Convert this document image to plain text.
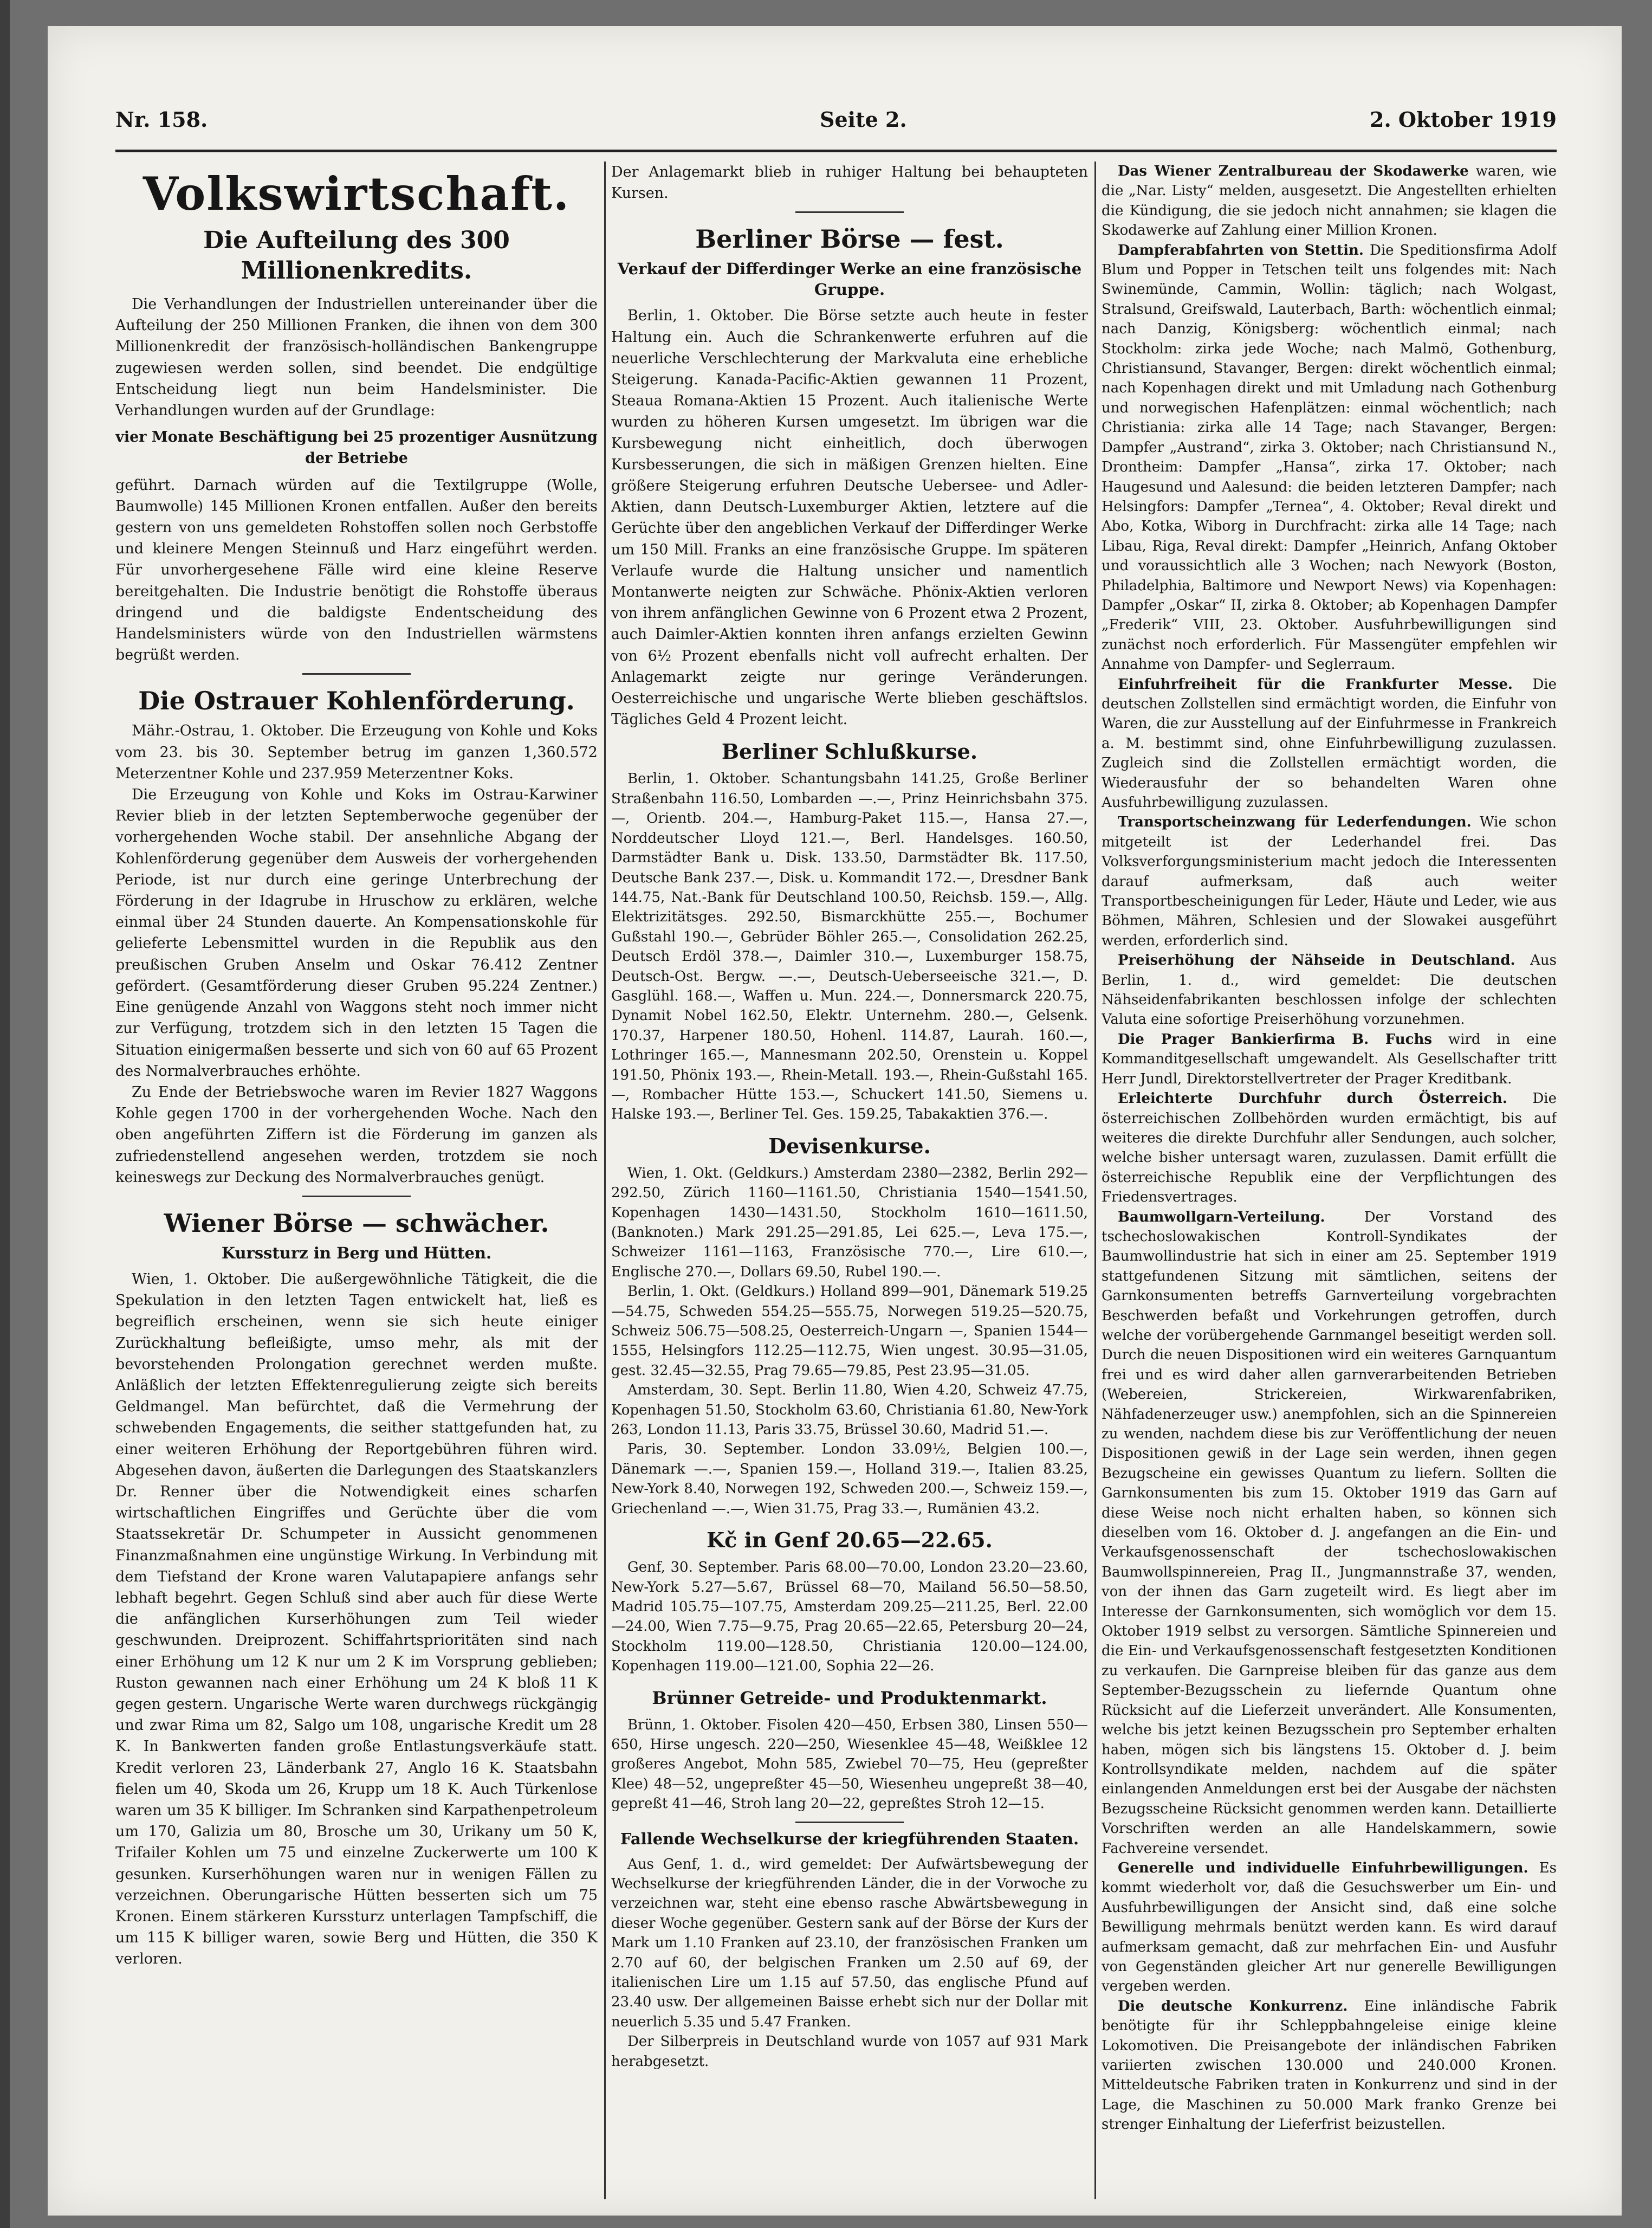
Nr. 158.	Seite 2.	2. Oktober 1919
Volkswirtschaft.
Die Aufteilung des 300 Millionenkredits.

Die Verhandlungen der Industriellen untereinander über die Aufteilung der 250 Millionen Franken, die ihnen von dem 300 Millionenkredit der französisch-holländischen Bankengruppe zugewiesen werden sollen, sind beendet. Die endgültige Entscheidung liegt nun beim Handelsminister. Die Verhandlungen wurden auf der Grundlage:

vier Monate Beschäftigung bei 25 prozentiger Ausnützung der Betriebe

geführt. Darnach würden auf die Textilgruppe (Wolle, Baumwolle) 145 Millionen Kronen entfallen. Außer den bereits gestern von uns gemeldeten Rohstoffen sollen noch Gerbstoffe und kleinere Mengen Steinnuß und Harz eingeführt werden. Für unvorhergesehene Fälle wird eine kleine Reserve bereitgehalten. Die Industrie benötigt die Rohstoffe überaus dringend und die baldigste Endentscheidung des Handelsministers würde von den Industriellen wärmstens begrüßt werden.

Die Ostrauer Kohlenförderung.

Mähr.-Ostrau, 1. Oktober. Die Erzeugung von Kohle und Koks vom 23. bis 30. September betrug im ganzen 1,360.572 Meterzentner Kohle und 237.959 Meterzentner Koks.

Die Erzeugung von Kohle und Koks im Ostrau-Karwiner Revier blieb in der letzten Septemberwoche gegenüber der vorhergehenden Woche stabil. Der ansehnliche Abgang der Kohlenförderung gegenüber dem Ausweis der vorhergehenden Periode, ist nur durch eine geringe Unterbrechung der Förderung in der Idagrube in Hruschow zu erklären, welche einmal über 24 Stunden dauerte. An Kompensationskohle für gelieferte Lebensmittel wurden in die Republik aus den preußischen Gruben Anselm und Oskar 76.412 Zentner gefördert. (Gesamtförderung dieser Gruben 95.224 Zentner.) Eine genügende Anzahl von Waggons steht noch immer nicht zur Verfügung, trotzdem sich in den letzten 15 Tagen die Situation einigermaßen besserte und sich von 60 auf 65 Prozent des Normalverbrauches erhöhte.

Zu Ende der Betriebswoche waren im Revier 1827 Waggons Kohle gegen 1700 in der vorhergehenden Woche. Nach den oben angeführten Ziffern ist die Förderung im ganzen als zufriedenstellend angesehen werden, trotzdem sie noch keineswegs zur Deckung des Normalverbrauches genügt.

Wiener Börse — schwächer.
Kurssturz in Berg und Hütten.

Wien, 1. Oktober. Die außergewöhnliche Tätigkeit, die die Spekulation in den letzten Tagen entwickelt hat, ließ es begreiflich erscheinen, wenn sie sich heute einiger Zurückhaltung befleißigte, umso mehr, als mit der bevorstehenden Prolongation gerechnet werden mußte. Anläßlich der letzten Effektenregulierung zeigte sich bereits Geldmangel. Man befürchtet, daß die Vermehrung der schwebenden Engagements, die seither stattgefunden hat, zu einer weiteren Erhöhung der Reportgebühren führen wird. Abgesehen davon, äußerten die Darlegungen des Staatskanzlers Dr. Renner über die Notwendigkeit eines scharfen wirtschaftlichen Eingriffes und Gerüchte über die vom Staatssekretär Dr. Schumpeter in Aussicht genommenen Finanzmaßnahmen eine ungünstige Wirkung. In Verbindung mit dem Tiefstand der Krone waren Valutapapiere anfangs sehr lebhaft begehrt. Gegen Schluß sind aber auch für diese Werte die anfänglichen Kurserhöhungen zum Teil wieder geschwunden. Dreiprozent. Schiffahrtsprioritäten sind nach einer Erhöhung um 12 K nur um 2 K im Vorsprung geblieben; Ruston gewannen nach einer Erhöhung um 24 K bloß 11 K gegen gestern. Ungarische Werte waren durchwegs rückgängig und zwar Rima um 82, Salgo um 108, ungarische Kredit um 28 K. In Bankwerten fanden große Entlastungsverkäufe statt. Kredit verloren 23, Länderbank 27, Anglo 16 K. Staatsbahn fielen um 40, Skoda um 26, Krupp um 18 K. Auch Türkenlose waren um 35 K billiger. Im Schranken sind Karpathenpetroleum um 170, Galizia um 80, Brosche um 30, Urikany um 50 K, Trifailer Kohlen um 75 und einzelne Zuckerwerte um 100 K gesunken. Kurserhöhungen waren nur in wenigen Fällen zu verzeichnen. Oberungarische Hütten besserten sich um 75 Kronen. Einem stärkeren Kurssturz unterlagen Tampfschiff, die um 115 K billiger waren, sowie Berg und Hütten, die 350 K verloren.

Der Anlagemarkt blieb in ruhiger Haltung bei behaupteten Kursen.

Berliner Börse — fest.
Verkauf der Differdinger Werke an eine französische Gruppe.

Berlin, 1. Oktober. Die Börse setzte auch heute in fester Haltung ein. Auch die Schrankenwerte erfuhren auf die neuerliche Verschlechterung der Markvaluta eine erhebliche Steigerung. Kanada-Pacific-Aktien gewannen 11 Prozent, Steaua Romana-Aktien 15 Prozent. Auch italienische Werte wurden zu höheren Kursen umgesetzt. Im übrigen war die Kursbewegung nicht einheitlich, doch überwogen Kursbesserungen, die sich in mäßigen Grenzen hielten. Eine größere Steigerung erfuhren Deutsche Uebersee- und Adler-Aktien, dann Deutsch-Luxemburger Aktien, letztere auf die Gerüchte über den angeblichen Verkauf der Differdinger Werke um 150 Mill. Franks an eine französische Gruppe. Im späteren Verlaufe wurde die Haltung unsicher und namentlich Montanwerte neigten zur Schwäche. Phönix-Aktien verloren von ihrem anfänglichen Gewinne von 6 Prozent etwa 2 Prozent, auch Daimler-Aktien konnten ihren anfangs erzielten Gewinn von 6½ Prozent ebenfalls nicht voll aufrecht erhalten. Der Anlagemarkt zeigte nur geringe Veränderungen. Oesterreichische und ungarische Werte blieben geschäftslos. Tägliches Geld 4 Prozent leicht.

Berliner Schlußkurse.

Berlin, 1. Oktober. Schantungsbahn 141.25, Große Berliner Straßenbahn 116.50, Lombarden —.—, Prinz Heinrichsbahn 375.—, Orientb. 204.—, Hamburg-Paket 115.—, Hansa 27.—, Norddeutscher Lloyd 121.—, Berl. Handelsges. 160.50, Darmstädter Bank u. Disk. 133.50, Darmstädter Bk. 117.50, Deutsche Bank 237.—, Disk. u. Kommandit 172.—, Dresdner Bank 144.75, Nat.-Bank für Deutschland 100.50, Reichsb. 159.—, Allg. Elektrizitätsges. 292.50, Bismarckhütte 255.—, Bochumer Gußstahl 190.—, Gebrüder Böhler 265.—, Consolidation 262.25, Deutsch Erdöl 378.—, Daimler 310.—, Luxemburger 158.75, Deutsch-Ost. Bergw. —.—, Deutsch-Ueberseeische 321.—, D. Gasglühl. 168.—, Waffen u. Mun. 224.—, Donnersmarck 220.75, Dynamit Nobel 162.50, Elektr. Unternehm. 280.—, Gelsenk. 170.37, Harpener 180.50, Hohenl. 114.87, Laurah. 160.—, Lothringer 165.—, Mannesmann 202.50, Orenstein u. Koppel 191.50, Phönix 193.—, Rhein-Metall. 193.—, Rhein-Gußstahl 165.—, Rombacher Hütte 153.—, Schuckert 141.50, Siemens u. Halske 193.—, Berliner Tel. Ges. 159.25, Tabakaktien 376.—.

Devisenkurse.

Wien, 1. Okt. (Geldkurs.) Amsterdam 2380—2382, Berlin 292—292.50, Zürich 1160—1161.50, Christiania 1540—1541.50, Kopenhagen 1430—1431.50, Stockholm 1610—1611.50, (Banknoten.) Mark 291.25—291.85, Lei 625.—, Leva 175.—, Schweizer 1161—1163, Französische 770.—, Lire 610.—, Englische 270.—, Dollars 69.50, Rubel 190.—.

Berlin, 1. Okt. (Geldkurs.) Holland 899—901, Dänemark 519.25—54.75, Schweden 554.25—555.75, Norwegen 519.25—520.75, Schweiz 506.75—508.25, Oesterreich-Ungarn —, Spanien 1544—1555, Helsingfors 112.25—112.75, Wien ungest. 30.95—31.05, gest. 32.45—32.55, Prag 79.65—79.85, Pest 23.95—31.05.

Amsterdam, 30. Sept. Berlin 11.80, Wien 4.20, Schweiz 47.75, Kopenhagen 51.50, Stockholm 63.60, Christiania 61.80, New-York 263, London 11.13, Paris 33.75, Brüssel 30.60, Madrid 51.—.

Paris, 30. September. London 33.09½, Belgien 100.—, Dänemark —.—, Spanien 159.—, Holland 319.—, Italien 83.25, New-York 8.40, Norwegen 192, Schweden 200.—, Schweiz 159.—, Griechenland —.—, Wien 31.75, Prag 33.—, Rumänien 43.2.

Kč in Genf 20.65—22.65.

Genf, 30. September. Paris 68.00—70.00, London 23.20—23.60, New-York 5.27—5.67, Brüssel 68—70, Mailand 56.50—58.50, Madrid 105.75—107.75, Amsterdam 209.25—211.25, Berl. 22.00—24.00, Wien 7.75—9.75, Prag 20.65—22.65, Petersburg 20—24, Stockholm 119.00—128.50, Christiania 120.00—124.00, Kopenhagen 119.00—121.00, Sophia 22—26.

Brünner Getreide- und Produktenmarkt.

Brünn, 1. Oktober. Fisolen 420—450, Erbsen 380, Linsen 550—650, Hirse ungesch. 220—250, Wiesenklee 45—48, Weißklee 12 großeres Angebot, Mohn 585, Zwiebel 70—75, Heu (gepreßter Klee) 48—52, ungepreßter 45—50, Wiesenheu ungepreßt 38—40, gepreßt 41—46, Stroh lang 20—22, gepreßtes Stroh 12—15.

Fallende Wechselkurse der kriegführenden Staaten.

Aus Genf, 1. d., wird gemeldet: Der Aufwärtsbewegung der Wechselkurse der kriegführenden Länder, die in der Vorwoche zu verzeichnen war, steht eine ebenso rasche Abwärtsbewegung in dieser Woche gegenüber. Gestern sank auf der Börse der Kurs der Mark um 1.10 Franken auf 23.10, der französischen Franken um 2.70 auf 60, der belgischen Franken um 2.50 auf 69, der italienischen Lire um 1.15 auf 57.50, das englische Pfund auf 23.40 usw. Der allgemeinen Baisse erhebt sich nur der Dollar mit neuerlich 5.35 und 5.47 Franken.

Der Silberpreis in Deutschland wurde von 1057 auf 931 Mark herabgesetzt.

Das Wiener Zentralbureau der Skodawerke waren, wie die „Nar. Listy“ melden, ausgesetzt. Die Angestellten erhielten die Kündigung, die sie jedoch nicht annahmen; sie klagen die Skodawerke auf Zahlung einer Million Kronen.

Dampferabfahrten von Stettin. Die Speditionsfirma Adolf Blum und Popper in Tetschen teilt uns folgendes mit: Nach Swinemünde, Cammin, Wollin: täglich; nach Wolgast, Stralsund, Greifswald, Lauterbach, Barth: wöchentlich einmal; nach Danzig, Königsberg: wöchentlich einmal; nach Stockholm: zirka jede Woche; nach Malmö, Gothenburg, Christiansund, Stavanger, Bergen: direkt wöchentlich einmal; nach Kopenhagen direkt und mit Umladung nach Gothenburg und norwegischen Hafenplätzen: einmal wöchentlich; nach Christiania: zirka alle 14 Tage; nach Stavanger, Bergen: Dampfer „Austrand“, zirka 3. Oktober; nach Christiansund N., Drontheim: Dampfer „Hansa“, zirka 17. Oktober; nach Haugesund und Aalesund: die beiden letzteren Dampfer; nach Helsingfors: Dampfer „Ternea“, 4. Oktober; Reval direkt und Abo, Kotka, Wiborg in Durchfracht: zirka alle 14 Tage; nach Libau, Riga, Reval direkt: Dampfer „Heinrich, Anfang Oktober und voraussichtlich alle 3 Wochen; nach Newyork (Boston, Philadelphia, Baltimore und Newport News) via Kopenhagen: Dampfer „Oskar“ II, zirka 8. Oktober; ab Kopenhagen Dampfer „Frederik“ VIII, 23. Oktober. Ausfuhrbewilligungen sind zunächst noch erforderlich. Für Massengüter empfehlen wir Annahme von Dampfer- und Seglerraum.

Einfuhrfreiheit für die Frankfurter Messe. Die deutschen Zollstellen sind ermächtigt worden, die Einfuhr von Waren, die zur Ausstellung auf der Einfuhrmesse in Frankreich a. M. bestimmt sind, ohne Einfuhrbewilligung zuzulassen. Zugleich sind die Zollstellen ermächtigt worden, die Wiederausfuhr der so behandelten Waren ohne Ausfuhrbewilligung zuzulassen.

Transportscheinzwang für Lederfendungen. Wie schon mitgeteilt ist der Lederhandel frei. Das Volksverforgungsministerium macht jedoch die Interessenten darauf aufmerksam, daß auch weiter Transportbescheinigungen für Leder, Häute und Leder, wie aus Böhmen, Mähren, Schlesien und der Slowakei ausgeführt werden, erforderlich sind.

Preiserhöhung der Nähseide in Deutschland. Aus Berlin, 1. d., wird gemeldet: Die deutschen Nähseidenfabrikanten beschlossen infolge der schlechten Valuta eine sofortige Preiserhöhung vorzunehmen.

Die Prager Bankierfirma B. Fuchs wird in eine Kommanditgesellschaft umgewandelt. Als Gesellschafter tritt Herr Jundl, Direktorstellvertreter der Prager Kreditbank.

Erleichterte Durchfuhr durch Österreich. Die österreichischen Zollbehörden wurden ermächtigt, bis auf weiteres die direkte Durchfuhr aller Sendungen, auch solcher, welche bisher untersagt waren, zuzulassen. Damit erfüllt die österreichische Republik eine der Verpflichtungen des Friedensvertrages.

Baumwollgarn-Verteilung.	Der Vorstand des tschechoslowakischen Kontroll-Syndikates der Baumwollindustrie hat sich in einer am 25. September 1919 stattgefundenen Sitzung mit sämtlichen, seitens der Garnkonsumenten betreffs Garnverteilung vorgebrachten Beschwerden befaßt und Vorkehrungen getroffen, durch welche der vorübergehende Garnmangel beseitigt werden soll. Durch die neuen Dispositionen wird ein weiteres Garnquantum frei und es wird daher allen garnverarbeitenden Betrieben (Webereien, Strickereien, Wirkwarenfabriken, Nähfadenerzeuger usw.) anempfohlen, sich an die Spinnereien zu wenden, nachdem diese bis zur Veröffentlichung der neuen Dispositionen gewiß in der Lage sein werden, ihnen gegen Bezugscheine ein gewisses Quantum zu liefern. Sollten die Garnkonsumenten bis zum 15. Oktober 1919 das Garn auf diese Weise noch nicht erhalten haben, so können sich dieselben vom 16. Oktober d. J. angefangen an die Ein- und Verkaufsgenossenschaft der tschechoslowakischen Baumwollspinnereien, Prag II., Jungmannstraße 37, wenden, von der ihnen das Garn zugeteilt wird. Es liegt aber im Interesse der Garnkonsumenten, sich womöglich vor dem 15. Oktober 1919 selbst zu versorgen. Sämtliche Spinnereien und die Ein- und Verkaufsgenossenschaft festgesetzten Konditionen zu verkaufen. Die Garnpreise bleiben für das ganze aus dem September-Bezugsschein zu liefernde Quantum ohne Rücksicht auf die Lieferzeit unverändert. Alle Konsumenten, welche bis jetzt keinen Bezugsschein pro September erhalten haben, mögen sich bis längstens 15. Oktober d. J. beim Kontrollsyndikate melden, nachdem auf die später einlangenden Anmeldungen erst bei der Ausgabe der nächsten Bezugsscheine Rücksicht genommen werden kann. Detaillierte Vorschriften werden an alle Handelskammern, sowie Fachvereine versendet.

Generelle und individuelle Einfuhrbewilligungen. Es kommt wiederholt vor, daß die Gesuchswerber um Ein- und Ausfuhrbewilligungen der Ansicht sind, daß eine solche Bewilligung mehrmals benützt werden kann. Es wird darauf aufmerksam gemacht, daß zur mehrfachen Ein- und Ausfuhr von Gegenständen gleicher Art nur generelle Bewilligungen vergeben werden.

Die deutsche Konkurrenz. Eine inländische Fabrik benötigte für ihr Schleppbahngeleise einige kleine Lokomotiven. Die Preisangebote der inländischen Fabriken variierten zwischen 130.000 und 240.000 Kronen. Mitteldeutsche Fabriken traten in Konkurrenz und sind in der Lage, die Maschinen zu 50.000 Mark franko Grenze bei strenger Einhaltung der Lieferfrist beizustellen.
